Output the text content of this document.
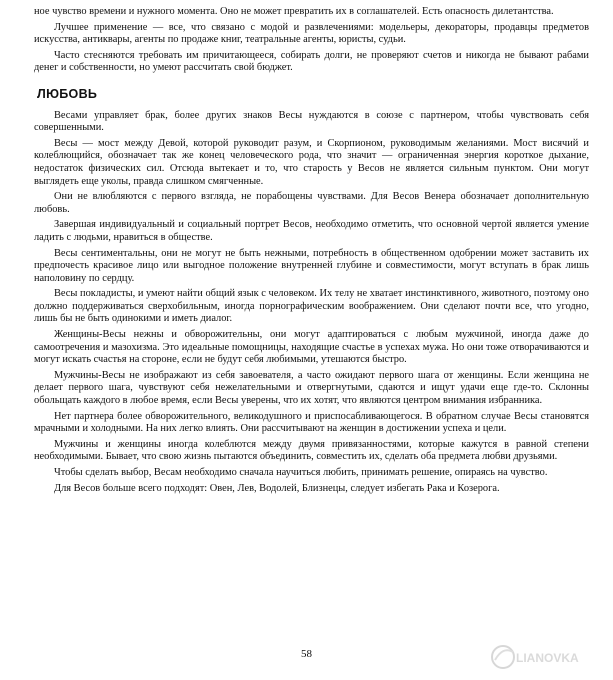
ное чувство времени и нужного момента. Оно не может превратить их в соглашателей. Есть опасность дилетантства.

Лучшее применение — все, что связано с модой и развлечениями: модельеры, декораторы, продавцы предметов искусства, антиквары, агенты по продаже книг, театральные агенты, юристы, судьи.

Часто стесняются требовать им причитающееся, собирать долги, не проверяют счетов и никогда не бывают рабами денег и собственности, но умеют рассчитать свой бюджет.

ЛЮБОВЬ

Весами управляет брак, более других знаков Весы нуждаются в союзе с партнером, чтобы чувствовать себя совершенными.

Весы — мост между Девой, которой руководит разум, и Скорпионом, руководимым желаниями. Мост висячий и колеблющийся, обозначает так же конец человеческого рода, что значит — ограниченная энергия короткое дыхание, недостаток физических сил. Отсюда вытекает и то, что старость у Весов не является сильным пунктом. Они могут выглядеть еще уколы, правда слишком смягченные.

Они не влюбляются с первого взгляда, не порабощены чувствами. Для Весов Венера обозначает дополнительную любовь.

Завершая индивидуальный и социальный портрет Весов, необходимо отметить, что основной чертой является умение ладить с людьми, нравиться в обществе.

Весы сентиментальны, они не могут не быть нежными, потребность в общественном одобрении может заставить их предпочесть красивое лицо или выгодное положение внутренней глубине и совместимости, могут вступать в брак лишь наполовину по сердцу.

Весы покладисты, и умеют найти общий язык с человеком. Их телу не хватает инстинктивного, животного, поэтому оно должно поддерживаться сверхобильным, иногда порнографическим воображением. Они сделают почти все, что угодно, лишь бы не быть одинокими и иметь диалог.

Женщины-Весы нежны и обворожительны, они могут адаптироваться с любым мужчиной, иногда даже до самоотречения и мазохизма. Это идеальные помощницы, находящие счастье в успехах мужа. Но они тоже отворачиваются и могут искать счастья на стороне, если не будут себя любимыми, утешаются быстро.

Мужчины-Весы не изображают из себя завоевателя, а часто ожидают первого шага от женщины. Если женщина не делает первого шага, чувствуют себя нежелательными и отвергнутыми, сдаются и ищут удачи еще где-то. Склонны обольщать каждого в любое время, если Весы уверены, что их хотят, что являются центром внимания избранника.

Нет партнера более обворожительного, великодушного и приспосабливающегося. В обратном случае Весы становятся мрачными и холодными. На них легко влиять. Они рассчитывают на женщин в достижении успеха и цели.

Мужчины и женщины иногда колеблются между двумя привязанностями, которые кажутся в равной степени необходимыми. Бывает, что свою жизнь пытаются объединить, совместить их, сделать оба предмета любви друзьями.

Чтобы сделать выбор, Весам необходимо сначала научиться любить, принимать решение, опираясь на чувство.

Для Весов больше всего подходят: Овен, Лев, Водолей, Близнецы, следует избегать Рака и Козерога.

58	LIANOVKA
